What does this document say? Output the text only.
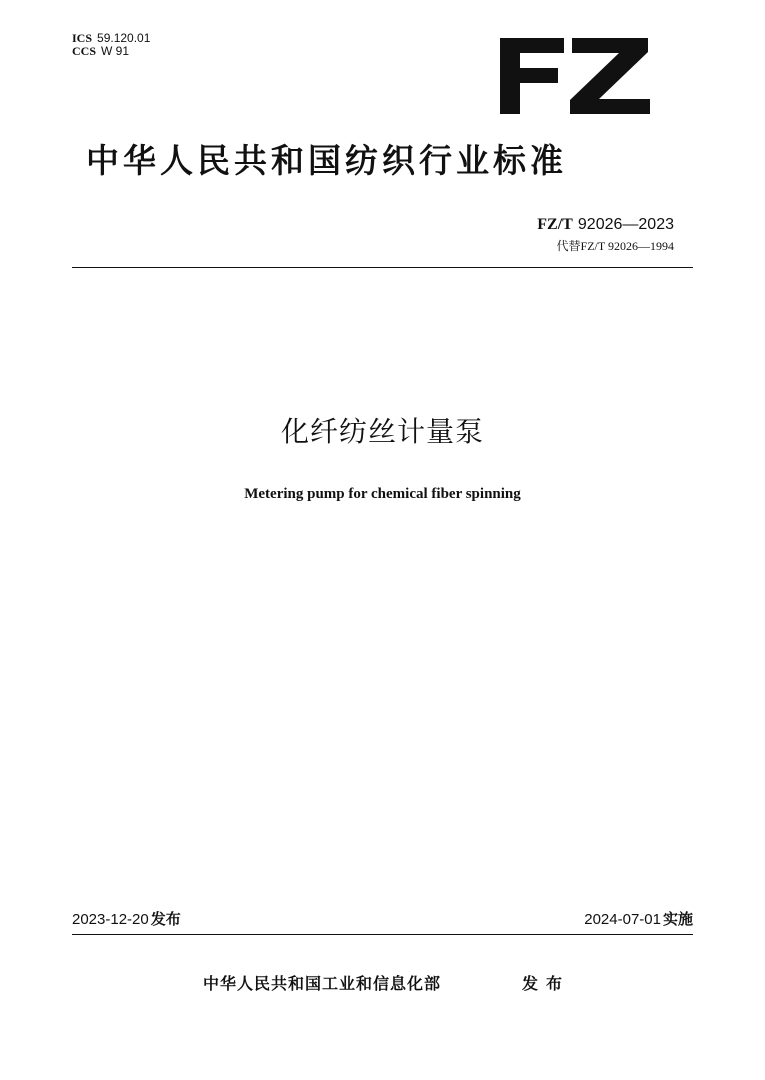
ICS 59.120.01
CCS W 91
中华人民共和国纺织行业标准
FZ/T 92026—2023
代替FZ/T 92026—1994
化纤纺丝计量泵
Metering pump for chemical fiber spinning
2023-12-20 发布	2024-07-01 实施
中华人民共和国工业和信息化部	发布
